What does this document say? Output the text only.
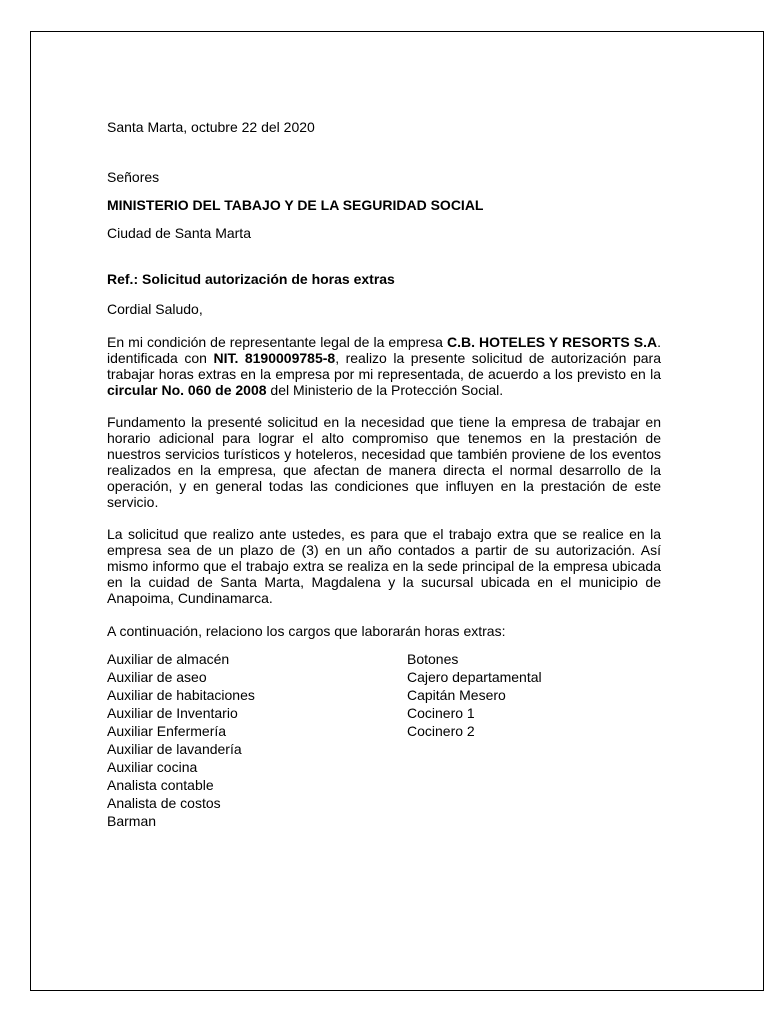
Santa Marta, octubre 22 del 2020

Señores

MINISTERIO DEL TABAJO Y DE LA SEGURIDAD SOCIAL

Ciudad de Santa Marta

Ref.: Solicitud autorización de horas extras

Cordial Saludo,

En mi condición de representante legal de la empresa C.B. HOTELES Y RESORTS S.A. identificada con NIT. 8190009785-8, realizo la presente solicitud de autorización para trabajar horas extras en la empresa por mi representada, de acuerdo a los previsto en la circular No. 060 de 2008 del Ministerio de la Protección Social.

Fundamento la presenté solicitud en la necesidad que tiene la empresa de trabajar en horario adicional para lograr el alto compromiso que tenemos en la prestación de nuestros servicios turísticos y hoteleros, necesidad que también proviene de los eventos realizados en la empresa, que afectan de manera directa el normal desarrollo de la operación, y en general todas las condiciones que influyen en la prestación de este servicio.

La solicitud que realizo ante ustedes, es para que el trabajo extra que se realice en la empresa sea de un plazo de (3) en un año contados a partir de su autorización. Así mismo informo que el trabajo extra se realiza en la sede principal de la empresa ubicada en la cuidad de Santa Marta, Magdalena y la sucursal ubicada en el municipio de Anapoima, Cundinamarca.

A continuación, relaciono los cargos que laborarán horas extras:

Auxiliar de almacén
Auxiliar de aseo
Auxiliar de habitaciones
Auxiliar de Inventario
Auxiliar Enfermería
Auxiliar de lavandería
Auxiliar cocina
Analista contable
Analista de costos
Barman
Botones
Cajero departamental
Capitán Mesero
Cocinero 1
Cocinero 2
